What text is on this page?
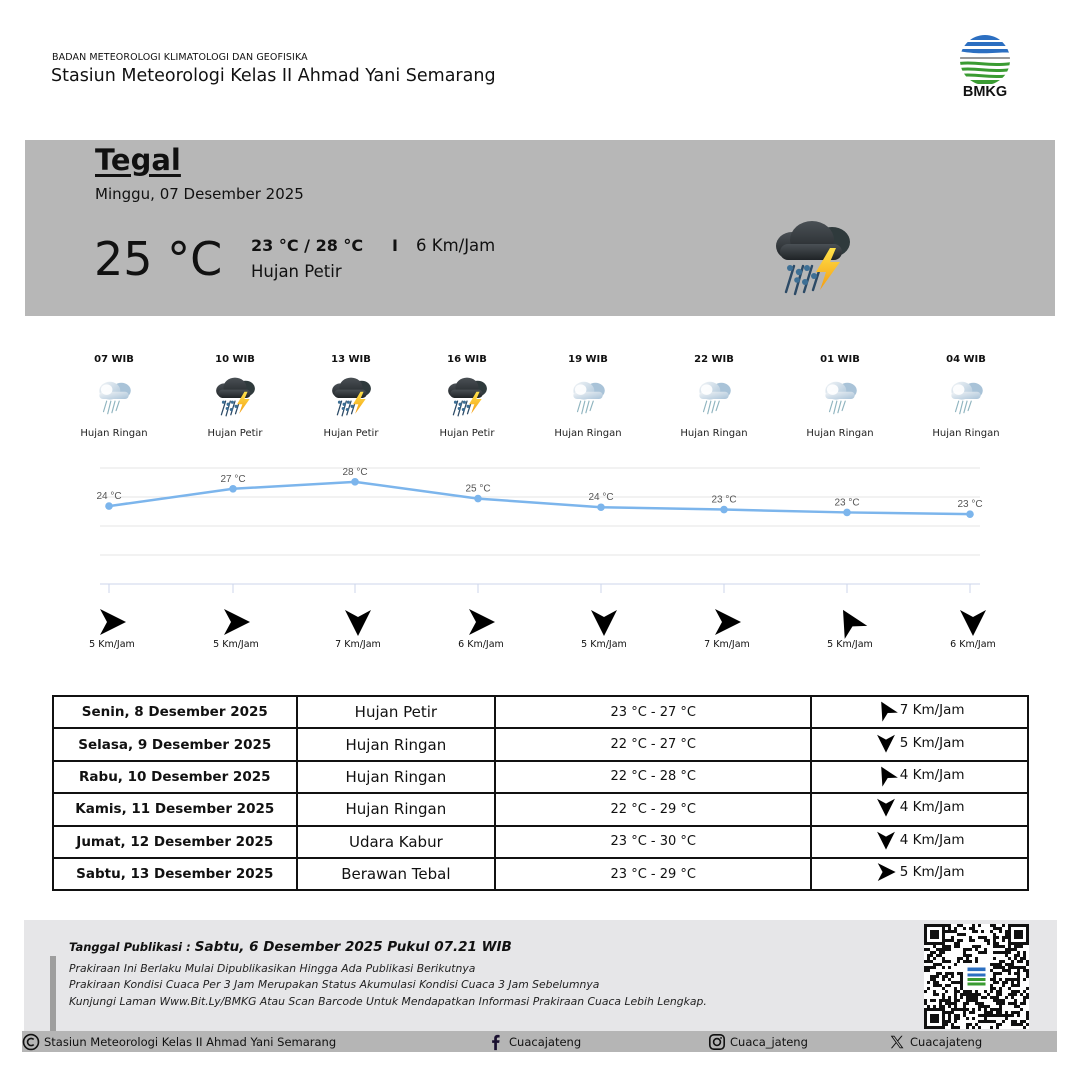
BADAN METEOROLOGI KLIMATOLOGI DAN GEOFISIKA
Stasiun Meteorologi Kelas II Ahmad Yani Semarang
BMKG
Tegal
Minggu, 07 Desember 2025
25 °C 23 °C / 28 °C I 6 Km/Jam
Hujan Petir
07 WIB
Hujan Ringan
10 WIB
Hujan Petir
13 WIB
Hujan Petir
16 WIB
Hujan Petir
19 WIB
Hujan Ringan
22 WIB
Hujan Ringan
01 WIB
Hujan Ringan
04 WIB
Hujan Ringan
24 °C
27 °C
28 °C
25 °C
24 °C	23 °C	23 °C	23 °C
5 Km/Jam	5 Km/Jam	7 Km/Jam	6 Km/Jam	5 Km/Jam	7 Km/Jam	5 Km/Jam	6 Km/Jam
Senin, 8 Desember 2025	Hujan Petir	23 °C - 27 °C	7 Km/Jam

Selasa, 9 Desember 2025	Hujan Ringan	22 °C - 27 °C	5 Km/Jam

Rabu, 10 Desember 2025	Hujan Ringan	22 °C - 28 °C	4 Km/Jam

Kamis, 11 Desember 2025	Hujan Ringan	22 °C - 29 °C	4 Km/Jam

Jumat, 12 Desember 2025	Udara Kabur	23 °C - 30 °C	4 Km/Jam

Sabtu, 13 Desember 2025	Berawan Tebal	23 °C - 29 °C	5 Km/Jam
Tanggal Publikasi : Sabtu, 6 Desember 2025 Pukul 07.21 WIB
Prakiraan Ini Berlaku Mulai Dipublikasikan Hingga Ada Publikasi Berikutnya
Prakiraan Kondisi Cuaca Per 3 Jam Merupakan Status Akumulasi Kondisi Cuaca 3 Jam Sebelumnya
Kunjungi Laman Www.Bit.Ly/BMKG Atau Scan Barcode Untuk Mendapatkan Informasi Prakiraan Cuaca Lebih Lengkap.
Stasiun Meteorologi Kelas II Ahmad Yani Semarang	Cuacajateng	Cuaca_jateng	Cuacajateng
